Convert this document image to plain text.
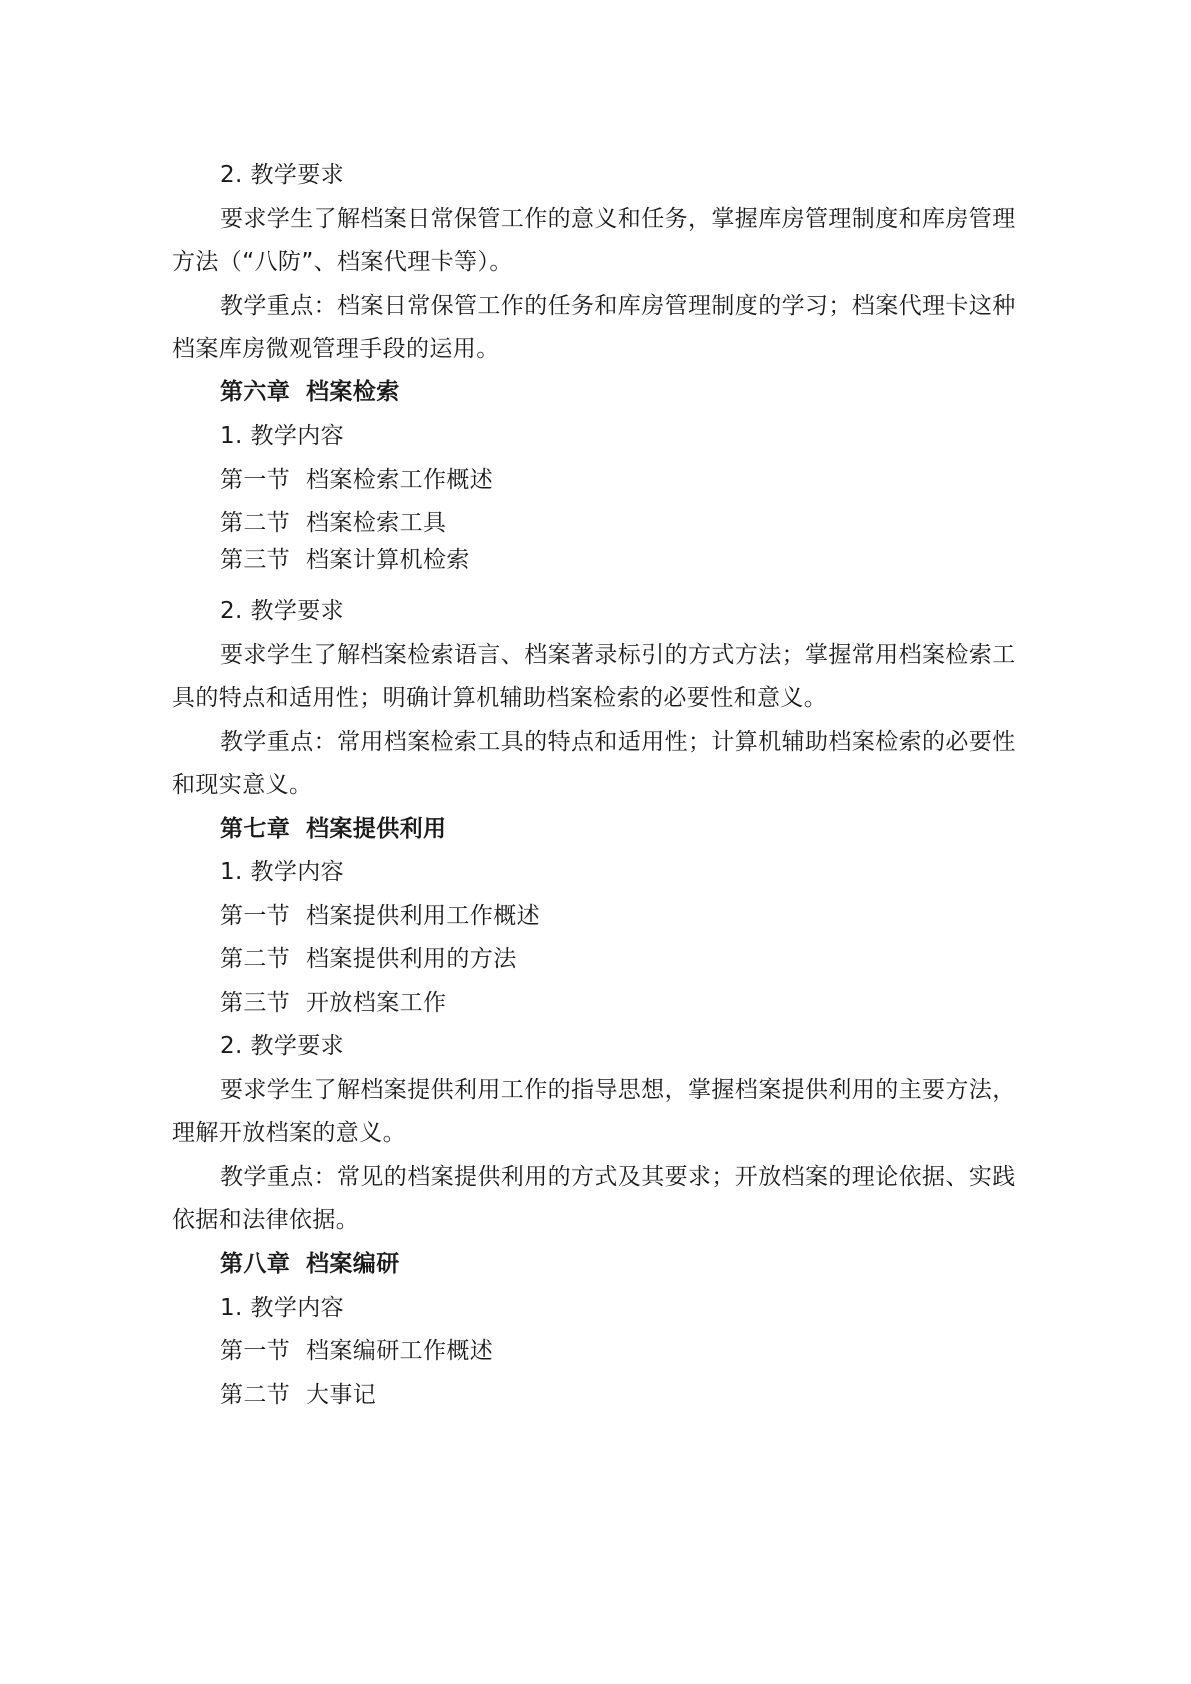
2. 教学要求
要求学生了解档案日常保管工作的意义和任务，掌握库房管理制度和库房管理
方法（“八防”、档案代理卡等）。
教学重点：档案日常保管工作的任务和库房管理制度的学习；档案代理卡这种
档案库房微观管理手段的运用。
第六章 档案检索
1. 教学内容
第一节 档案检索工作概述
第二节 档案检索工具
第三节 档案计算机检索
2. 教学要求
要求学生了解档案检索语言、档案著录标引的方式方法；掌握常用档案检索工
具的特点和适用性；明确计算机辅助档案检索的必要性和意义。
教学重点：常用档案检索工具的特点和适用性；计算机辅助档案检索的必要性
和现实意义。
第七章 档案提供利用
1. 教学内容
第一节 档案提供利用工作概述
第二节 档案提供利用的方法
第三节 开放档案工作
2. 教学要求
要求学生了解档案提供利用工作的指导思想，掌握档案提供利用的主要方法，
理解开放档案的意义。
教学重点：常见的档案提供利用的方式及其要求；开放档案的理论依据、实践
依据和法律依据。
第八章 档案编研
1. 教学内容
第一节 档案编研工作概述
第二节 大事记
